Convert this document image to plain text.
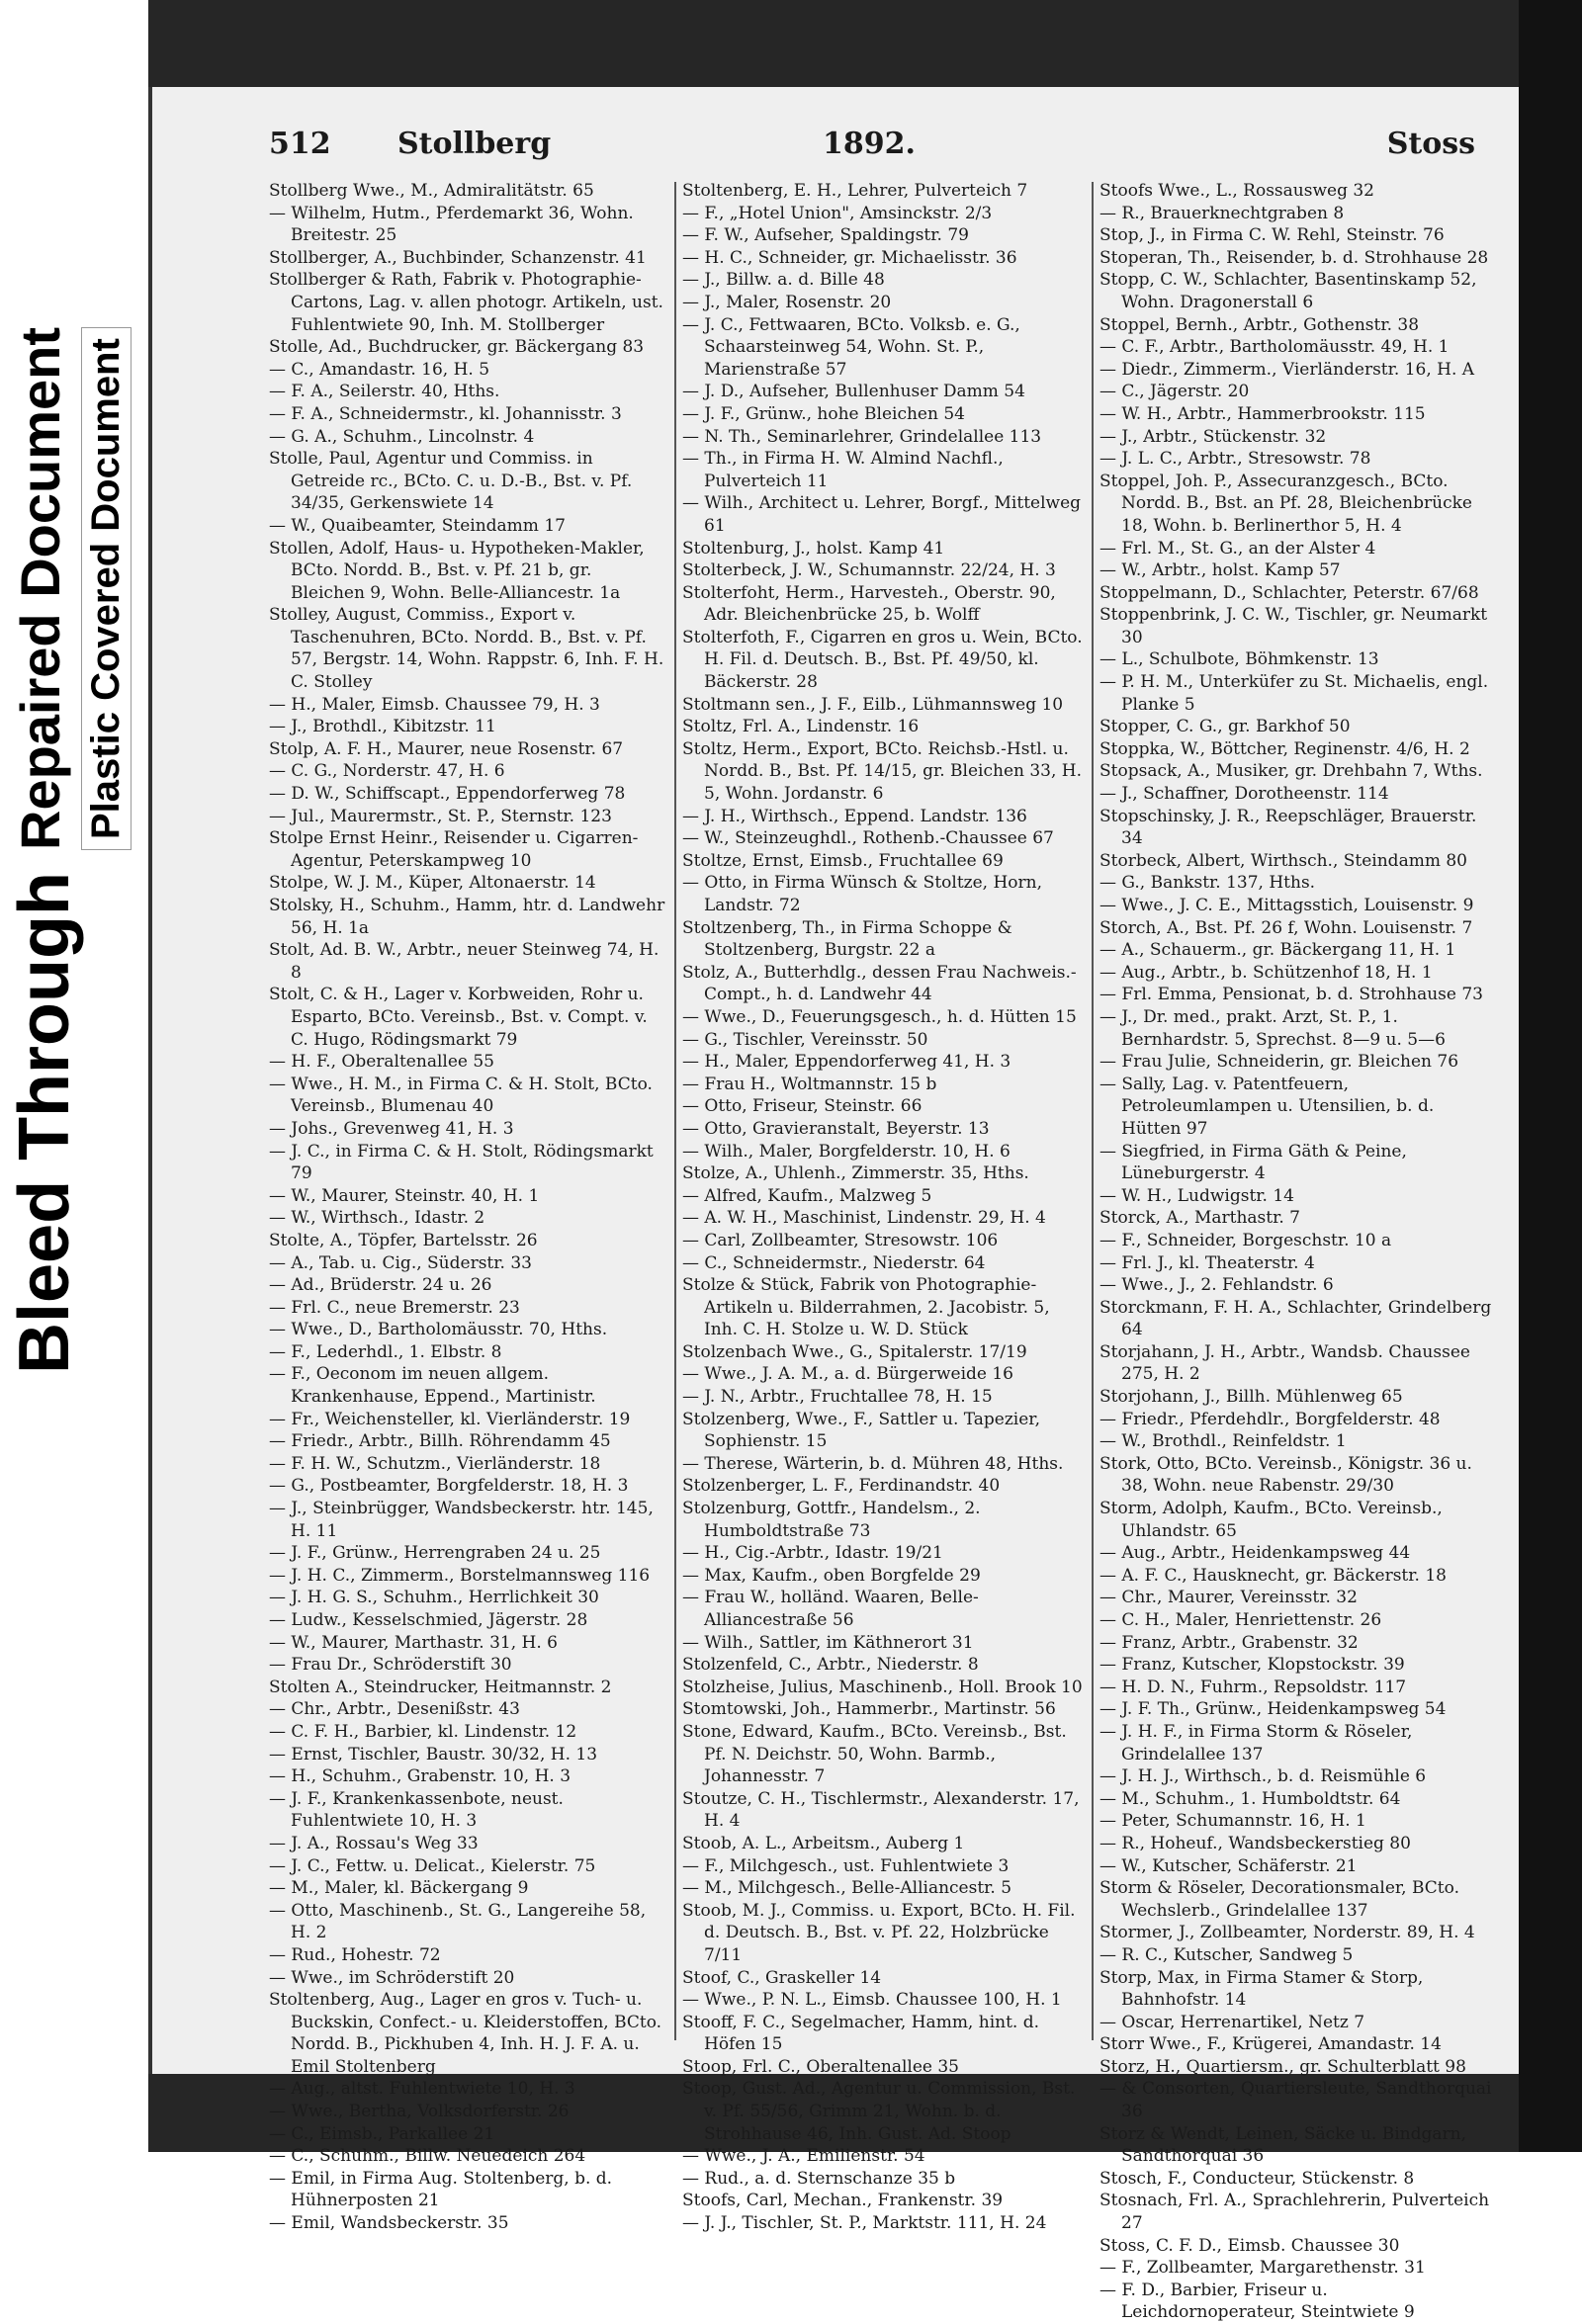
Bleed Through
Repaired Document Plastic Covered Document
512 Stollberg	1892.	Stoss
Stollberg Wwe., M., Admiralitätstr. 65
— Wilhelm, Hutm., Pferdemarkt 36, Wohn. Breitestr. 25
Stollberger, A., Buchbinder, Schanzenstr. 41
Stollberger & Rath, Fabrik v. Photographie-Cartons, Lag. v. allen photogr. Artikeln, ust. Fuhlentwiete 90, Inh. M. Stollberger
Stolle, Ad., Buchdrucker, gr. Bäckergang 83
— C., Amandastr. 16, H. 5
— F. A., Seilerstr. 40, Hths.
— F. A., Schneidermstr., kl. Johannisstr. 3
— G. A., Schuhm., Lincolnstr. 4
Stolle, Paul, Agentur und Commiss. in Getreide rc., BCto. C. u. D.-B., Bst. v. Pf. 34/35, Gerkenswiete 14
— W., Quaibeamter, Steindamm 17
Stollen, Adolf, Haus- u. Hypotheken-Makler, BCto. Nordd. B., Bst. v. Pf. 21 b, gr. Bleichen 9, Wohn. Belle-Alliancestr. 1a
Stolley, August, Commiss., Export v. Taschenuhren, BCto. Nordd. B., Bst. v. Pf. 57, Bergstr. 14, Wohn. Rappstr. 6, Inh. F. H. C. Stolley
— H., Maler, Eimsb. Chaussee 79, H. 3
— J., Brothdl., Kibitzstr. 11
Stolp, A. F. H., Maurer, neue Rosenstr. 67
— C. G., Norderstr. 47, H. 6
— D. W., Schiffscapt., Eppendorferweg 78
— Jul., Maurermstr., St. P., Sternstr. 123
Stolpe Ernst Heinr., Reisender u. Cigarren-Agentur, Peterskampweg 10
Stolpe, W. J. M., Küper, Altonaerstr. 14
Stolsky, H., Schuhm., Hamm, htr. d. Landwehr 56, H. 1a
Stolt, Ad. B. W., Arbtr., neuer Steinweg 74, H. 8
Stolt, C. & H., Lager v. Korbweiden, Rohr u. Esparto, BCto. Vereinsb., Bst. v. Compt. v. C. Hugo, Rödingsmarkt 79
— H. F., Oberaltenallee 55
— Wwe., H. M., in Firma C. & H. Stolt, BCto. Vereinsb., Blumenau 40
— Johs., Grevenweg 41, H. 3
— J. C., in Firma C. & H. Stolt, Rödingsmarkt 79
— W., Maurer, Steinstr. 40, H. 1
— W., Wirthsch., Idastr. 2
Stolte, A., Töpfer, Bartelsstr. 26
— A., Tab. u. Cig., Süderstr. 33
— Ad., Brüderstr. 24 u. 26
— Frl. C., neue Bremerstr. 23
— Wwe., D., Bartholomäusstr. 70, Hths.
— F., Lederhdl., 1. Elbstr. 8
— F., Oeconom im neuen allgem. Krankenhause, Eppend., Martinistr.
— Fr., Weichensteller, kl. Vierländerstr. 19
— Friedr., Arbtr., Billh. Röhrendamm 45
— F. H. W., Schutzm., Vierländerstr. 18
— G., Postbeamter, Borgfelderstr. 18, H. 3
— J., Steinbrügger, Wandsbeckerstr. htr. 145, H. 11
— J. F., Grünw., Herrengraben 24 u. 25
— J. H. C., Zimmerm., Borstelmannsweg 116
— J. H. G. S., Schuhm., Herrlichkeit 30
— Ludw., Kesselschmied, Jägerstr. 28
— W., Maurer, Marthastr. 31, H. 6
— Frau Dr., Schröderstift 30
Stolten A., Steindrucker, Heitmannstr. 2
— Chr., Arbtr., Desenißstr. 43
— C. F. H., Barbier, kl. Lindenstr. 12
— Ernst, Tischler, Baustr. 30/32, H. 13
— H., Schuhm., Grabenstr. 10, H. 3
— J. F., Krankenkassenbote, neust. Fuhlentwiete 10, H. 3
— J. A., Rossau's Weg 33
— J. C., Fettw. u. Delicat., Kielerstr. 75
— M., Maler, kl. Bäckergang 9
— Otto, Maschinenb., St. G., Langereihe 58, H. 2
— Rud., Hohestr. 72
— Wwe., im Schröderstift 20
Stoltenberg, Aug., Lager en gros v. Tuch- u. Buckskin, Confect.- u. Kleiderstoffen, BCto. Nordd. B., Pickhuben 4, Inh. H. J. F. A. u. Emil Stoltenberg
— Aug., altst. Fuhlentwiete 10, H. 3
— Wwe., Bertha, Volksdorferstr. 26
— C., Eimsb., Parkallee 21
— C., Schuhm., Billw. Neuedeich 264
— Emil, in Firma Aug. Stoltenberg, b. d. Hühnerposten 21
— Emil, Wandsbeckerstr. 35
Stoltenberg, E. H., Lehrer, Pulverteich 7
— F., „Hotel Union", Amsinckstr. 2/3
— F. W., Aufseher, Spaldingstr. 79
— H. C., Schneider, gr. Michaelisstr. 36
— J., Billw. a. d. Bille 48
— J., Maler, Rosenstr. 20
— J. C., Fettwaaren, BCto. Volksb. e. G., Schaarsteinweg 54, Wohn. St. P., Marienstraße 57
— J. D., Aufseher, Bullenhuser Damm 54
— J. F., Grünw., hohe Bleichen 54
— N. Th., Seminarlehrer, Grindelallee 113
— Th., in Firma H. W. Almind Nachfl., Pulverteich 11
— Wilh., Architect u. Lehrer, Borgf., Mittelweg 61
Stoltenburg, J., holst. Kamp 41
Stolterbeck, J. W., Schumannstr. 22/24, H. 3
Stolterfoht, Herm., Harvesteh., Oberstr. 90, Adr. Bleichenbrücke 25, b. Wolff
Stolterfoth, F., Cigarren en gros u. Wein, BCto. H. Fil. d. Deutsch. B., Bst. Pf. 49/50, kl. Bäckerstr. 28
Stoltmann sen., J. F., Eilb., Lühmannsweg 10
Stoltz, Frl. A., Lindenstr. 16
Stoltz, Herm., Export, BCto. Reichsb.-Hstl. u. Nordd. B., Bst. Pf. 14/15, gr. Bleichen 33, H. 5, Wohn. Jordanstr. 6
— J. H., Wirthsch., Eppend. Landstr. 136
— W., Steinzeughdl., Rothenb.-Chaussee 67
Stoltze, Ernst, Eimsb., Fruchtallee 69
— Otto, in Firma Wünsch & Stoltze, Horn, Landstr. 72
Stoltzenberg, Th., in Firma Schoppe & Stoltzenberg, Burgstr. 22 a
Stolz, A., Butterhdlg., dessen Frau Nachweis.-Compt., h. d. Landwehr 44
— Wwe., D., Feuerungsgesch., h. d. Hütten 15
— G., Tischler, Vereinsstr. 50
— H., Maler, Eppendorferweg 41, H. 3
— Frau H., Woltmannstr. 15 b
— Otto, Friseur, Steinstr. 66
— Otto, Gravieranstalt, Beyerstr. 13
— Wilh., Maler, Borgfelderstr. 10, H. 6
Stolze, A., Uhlenh., Zimmerstr. 35, Hths.
— Alfred, Kaufm., Malzweg 5
— A. W. H., Maschinist, Lindenstr. 29, H. 4
— Carl, Zollbeamter, Stresowstr. 106
— C., Schneidermstr., Niederstr. 64
Stolze & Stück, Fabrik von Photographie-Artikeln u. Bilderrahmen, 2. Jacobistr. 5, Inh. C. H. Stolze u. W. D. Stück
Stolzenbach Wwe., G., Spitalerstr. 17/19
— Wwe., J. A. M., a. d. Bürgerweide 16
— J. N., Arbtr., Fruchtallee 78, H. 15
Stolzenberg, Wwe., F., Sattler u. Tapezier, Sophienstr. 15
— Therese, Wärterin, b. d. Mühren 48, Hths.
Stolzenberger, L. F., Ferdinandstr. 40
Stolzenburg, Gottfr., Handelsm., 2. Humboldtstraße 73
— H., Cig.-Arbtr., Idastr. 19/21
— Max, Kaufm., oben Borgfelde 29
— Frau W., holländ. Waaren, Belle-Alliancestraße 56
— Wilh., Sattler, im Käthnerort 31
Stolzenfeld, C., Arbtr., Niederstr. 8
Stolzheise, Julius, Maschinenb., Holl. Brook 10
Stomtowski, Joh., Hammerbr., Martinstr. 56
Stone, Edward, Kaufm., BCto. Vereinsb., Bst. Pf. N. Deichstr. 50, Wohn. Barmb., Johannesstr. 7
Stoutze, C. H., Tischlermstr., Alexanderstr. 17, H. 4
Stoob, A. L., Arbeitsm., Auberg 1
— F., Milchgesch., ust. Fuhlentwiete 3
— M., Milchgesch., Belle-Alliancestr. 5
Stoob, M. J., Commiss. u. Export, BCto. H. Fil. d. Deutsch. B., Bst. v. Pf. 22, Holzbrücke 7/11
Stoof, C., Graskeller 14
— Wwe., P. N. L., Eimsb. Chaussee 100, H. 1
Stooff, F. C., Segelmacher, Hamm, hint. d. Höfen 15
Stoop, Frl. C., Oberaltenallee 35
Stoop, Gust. Ad., Agentur u. Commission, Bst. v. Pf. 55/56, Grimm 21, Wohn. b. d. Strohhause 46, Inh. Gust. Ad. Stoop
— Wwe., J. A., Emilienstr. 54
— Rud., a. d. Sternschanze 35 b
Stoofs, Carl, Mechan., Frankenstr. 39
— J. J., Tischler, St. P., Marktstr. 111, H. 24
Stoofs Wwe., L., Rossausweg 32
— R., Brauerknechtgraben 8
Stop, J., in Firma C. W. Rehl, Steinstr. 76
Stoperan, Th., Reisender, b. d. Strohhause 28
Stopp, C. W., Schlachter, Basentinskamp 52, Wohn. Dragonerstall 6
Stoppel, Bernh., Arbtr., Gothenstr. 38
— C. F., Arbtr., Bartholomäusstr. 49, H. 1
— Diedr., Zimmerm., Vierländerstr. 16, H. A
— C., Jägerstr. 20
— W. H., Arbtr., Hammerbrookstr. 115
— J., Arbtr., Stückenstr. 32
— J. L. C., Arbtr., Stresowstr. 78
Stoppel, Joh. P., Assecuranzgesch., BCto. Nordd. B., Bst. an Pf. 28, Bleichenbrücke 18, Wohn. b. Berlinerthor 5, H. 4
— Frl. M., St. G., an der Alster 4
— W., Arbtr., holst. Kamp 57
Stoppelmann, D., Schlachter, Peterstr. 67/68
Stoppenbrink, J. C. W., Tischler, gr. Neumarkt 30
— L., Schulbote, Böhmkenstr. 13
— P. H. M., Unterküfer zu St. Michaelis, engl. Planke 5
Stopper, C. G., gr. Barkhof 50
Stoppka, W., Böttcher, Reginenstr. 4/6, H. 2
Stopsack, A., Musiker, gr. Drehbahn 7, Wths.
— J., Schaffner, Dorotheenstr. 114
Stopschinsky, J. R., Reepschläger, Brauerstr. 34
Storbeck, Albert, Wirthsch., Steindamm 80
— G., Bankstr. 137, Hths.
— Wwe., J. C. E., Mittagsstich, Louisenstr. 9
Storch, A., Bst. Pf. 26 f, Wohn. Louisenstr. 7
— A., Schauerm., gr. Bäckergang 11, H. 1
— Aug., Arbtr., b. Schützenhof 18, H. 1
— Frl. Emma, Pensionat, b. d. Strohhause 73
— J., Dr. med., prakt. Arzt, St. P., 1. Bernhardstr. 5, Sprechst. 8—9 u. 5—6
— Frau Julie, Schneiderin, gr. Bleichen 76
— Sally, Lag. v. Patentfeuern, Petroleumlampen u. Utensilien, b. d. Hütten 97
— Siegfried, in Firma Gäth & Peine, Lüneburgerstr. 4
— W. H., Ludwigstr. 14
Storck, A., Marthastr. 7
— F., Schneider, Borgeschstr. 10 a
— Frl. J., kl. Theaterstr. 4
— Wwe., J., 2. Fehlandstr. 6
Storckmann, F. H. A., Schlachter, Grindelberg 64
Storjahann, J. H., Arbtr., Wandsb. Chaussee 275, H. 2
Storjohann, J., Billh. Mühlenweg 65
— Friedr., Pferdehdlr., Borgfelderstr. 48
— W., Brothdl., Reinfeldstr. 1
Stork, Otto, BCto. Vereinsb., Königstr. 36 u. 38, Wohn. neue Rabenstr. 29/30
Storm, Adolph, Kaufm., BCto. Vereinsb., Uhlandstr. 65
— Aug., Arbtr., Heidenkampsweg 44
— A. F. C., Hausknecht, gr. Bäckerstr. 18
— Chr., Maurer, Vereinsstr. 32
— C. H., Maler, Henriettenstr. 26
— Franz, Arbtr., Grabenstr. 32
— Franz, Kutscher, Klopstockstr. 39
— H. D. N., Fuhrm., Repsoldstr. 117
— J. F. Th., Grünw., Heidenkampsweg 54
— J. H. F., in Firma Storm & Röseler, Grindelallee 137
— J. H. J., Wirthsch., b. d. Reismühle 6
— M., Schuhm., 1. Humboldtstr. 64
— Peter, Schumannstr. 16, H. 1
— R., Hoheuf., Wandsbeckerstieg 80
— W., Kutscher, Schäferstr. 21
Storm & Röseler, Decorationsmaler, BCto. Wechslerb., Grindelallee 137
Stormer, J., Zollbeamter, Norderstr. 89, H. 4
— R. C., Kutscher, Sandweg 5
Storp, Max, in Firma Stamer & Storp, Bahnhofstr. 14
— Oscar, Herrenartikel, Netz 7
Storr Wwe., F., Krügerei, Amandastr. 14
Storz, H., Quartiersm., gr. Schulterblatt 98
— & Consorten, Quartiersleute, Sandthorquai 36
Storz & Wendt, Leinen, Säcke u. Bindgarn, Sandthorquai 36
Stosch, F., Conducteur, Stückenstr. 8
Stosnach, Frl. A., Sprachlehrerin, Pulverteich 27
Stoss, C. F. D., Eimsb. Chaussee 30
— F., Zollbeamter, Margarethenstr. 31
— F. D., Barbier, Friseur u. Leichdornoperateur, Steintwiete 9
